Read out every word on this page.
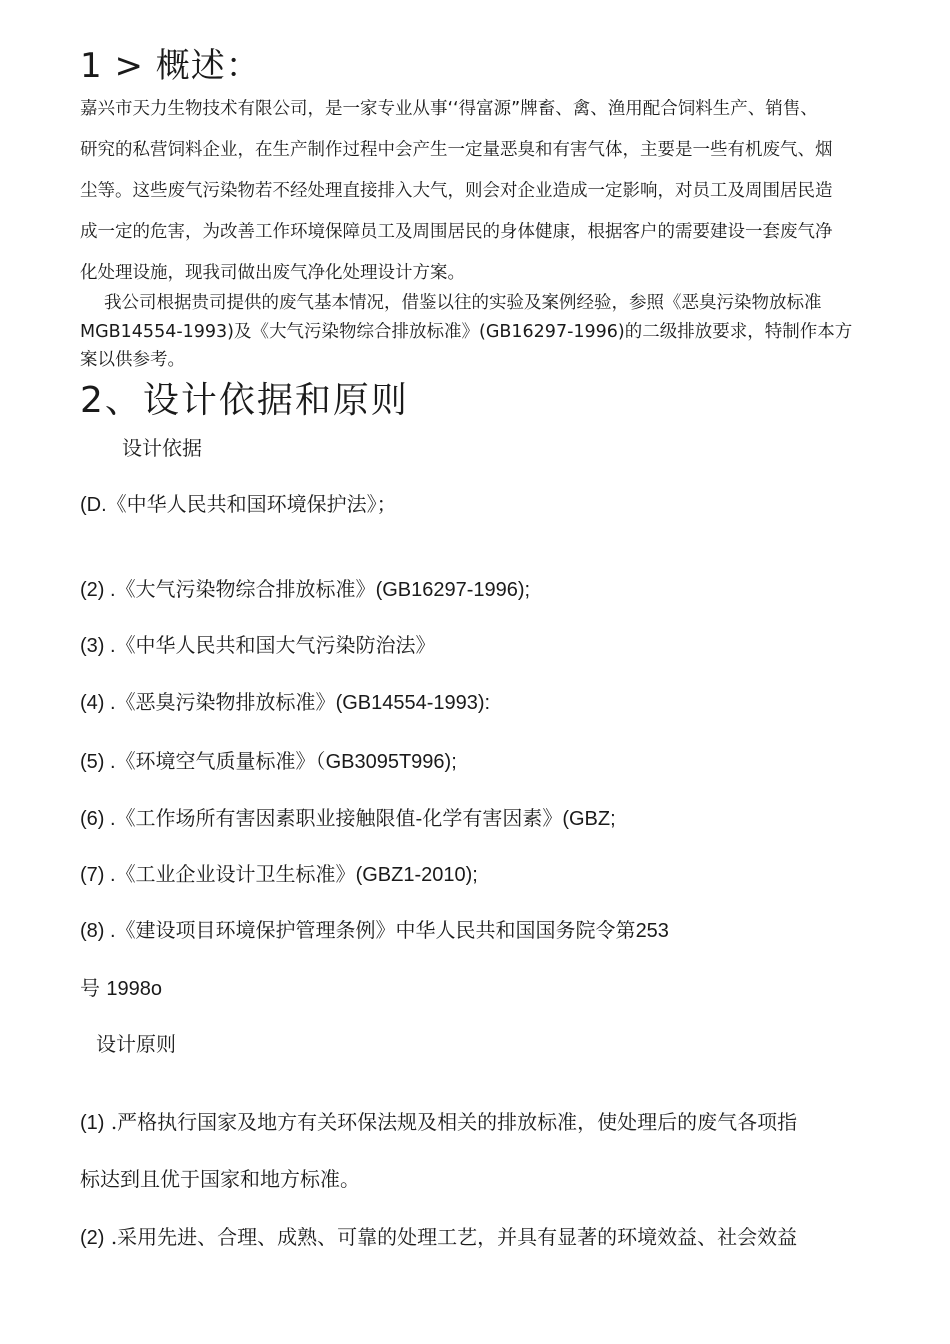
1 > 概述：
嘉兴市天力生物技术有限公司，是一家专业从事‘‘得富源”牌畜、禽、渔用配合饲料生产、销售、
研究的私营饲料企业，在生产制作过程中会产生一定量恶臭和有害气体，主要是一些有机废气、烟
尘等。这些废气污染物若不经处理直接排入大气，则会对企业造成一定影响，对员工及周围居民造
成一定的危害，为改善工作环境保障员工及周围居民的身体健康，根据客户的需要建设一套废气净
化处理设施，现我司做出废气净化处理设计方案。
我公司根据贵司提供的废气基本情况，借鉴以往的实验及案例经验，参照《恶臭污染物放标准
MGB14554-1993)及《大气污染物综合排放标准》(GB16297-1996)的二级排放要求，特制作本方
案以供参考。
2、设计依据和原则
设计依据
(D.《中华人民共和国环境保护法》；
(2) .《大气污染物综合排放标准》(GB16297-1996);
(3) .《中华人民共和国大气污染防治法》
(4) .《恶臭污染物排放标准》(GB14554-1993):
(5) .《环境空气质量标准》（GB3095T996);
(6) .《工作场所有害因素职业接触限值-化学有害因素》(GBZ;
(7) .《工业企业设计卫生标准》(GBZ1-2010);
(8) .《建设项目环境保护管理条例》中华人民共和国国务院令第253
号 1998o
设计原则
(1) .严格执行国家及地方有关环保法规及相关的排放标准，使处理后的废气各项指
标达到且优于国家和地方标准。
(2) .采用先进、合理、成熟、可靠的处理工艺，并具有显著的环境效益、社会效益
